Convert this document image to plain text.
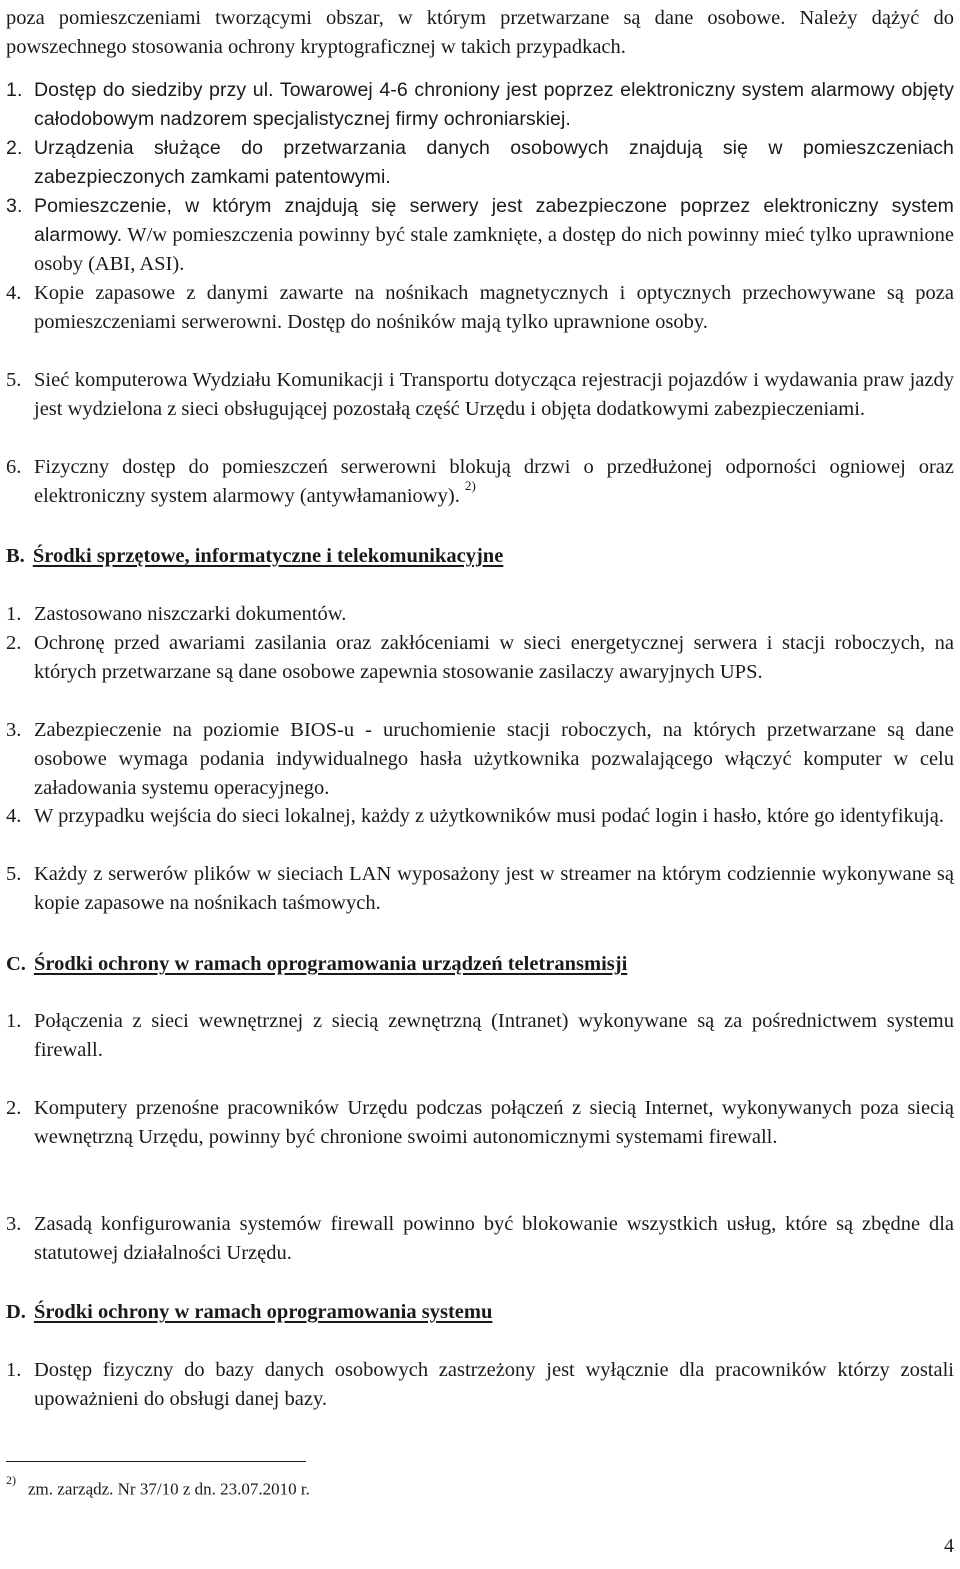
poza pomieszczeniami tworzącymi obszar, w którym przetwarzane są dane osobowe. Należy dążyć do powszechnego stosowania ochrony kryptograficznej w takich przypadkach.

1. Dostęp do siedziby przy ul. Towarowej 4-6 chroniony jest poprzez elektroniczny system alarmowy objęty całodobowym nadzorem specjalistycznej firmy ochroniarskiej.

2. Urządzenia służące do przetwarzania danych osobowych znajdują się w pomieszczeniach zabezpieczonych zamkami patentowymi.

3. Pomieszczenie, w którym znajdują się serwery jest zabezpieczone poprzez elektroniczny system alarmowy. W/w pomieszczenia powinny być stale zamknięte, a dostęp do nich powinny mieć tylko uprawnione osoby (ABI, ASI).

4. Kopie zapasowe z danymi zawarte na nośnikach magnetycznych i optycznych przechowywane są poza pomieszczeniami serwerowni. Dostęp do nośników mają tylko uprawnione osoby.

5. Sieć komputerowa Wydziału Komunikacji i Transportu dotycząca rejestracji pojazdów i wydawania praw jazdy jest wydzielona z sieci obsługującej pozostałą część Urzędu i objęta dodatkowymi zabezpieczeniami.

6. Fizyczny dostęp do pomieszczeń serwerowni blokują drzwi o przedłużonej odporności ogniowej oraz elektroniczny system alarmowy (antywłamaniowy). $^{2)}$

B. Środki sprzętowe, informatyczne i telekomunikacyjne

1. Zastosowano niszczarki dokumentów.

2. Ochronę przed awariami zasilania oraz zakłóceniami w sieci energetycznej serwera i stacji roboczych, na których przetwarzane są dane osobowe zapewnia stosowanie zasilaczy awaryjnych UPS.

3. Zabezpieczenie na poziomie BIOS-u - uruchomienie stacji roboczych, na których przetwarzane są dane osobowe wymaga podania indywidualnego hasła użytkownika pozwalającego włączyć komputer w celu załadowania systemu operacyjnego.

4. W przypadku wejścia do sieci lokalnej, każdy z użytkowników musi podać login i hasło, które go identyfikują.

5. Każdy z serwerów plików w sieciach LAN wyposażony jest w streamer na którym codziennie wykonywane są kopie zapasowe na nośnikach taśmowych.

C. Środki ochrony w ramach oprogramowania urządzeń teletransmisji

1. Połączenia z sieci wewnętrznej z siecią zewnętrzną (Intranet) wykonywane są za pośrednictwem systemu firewall.

2. Komputery przenośne pracowników Urzędu podczas połączeń z siecią Internet, wykonywanych poza siecią wewnętrzną Urzędu, powinny być chronione swoimi autonomicznymi systemami firewall.

3. Zasadą konfigurowania systemów firewall powinno być blokowanie wszystkich usług, które są zbędne dla statutowej działalności Urzędu.

D. Środki ochrony w ramach oprogramowania systemu

1. Dostęp fizyczny do bazy danych osobowych zastrzeżony jest wyłącznie dla pracowników którzy zostali upoważnieni do obsługi danej bazy.

$^{2)}$ zm. zarządz. Nr 37/10 z dn. 23.07.2010 r.
4
